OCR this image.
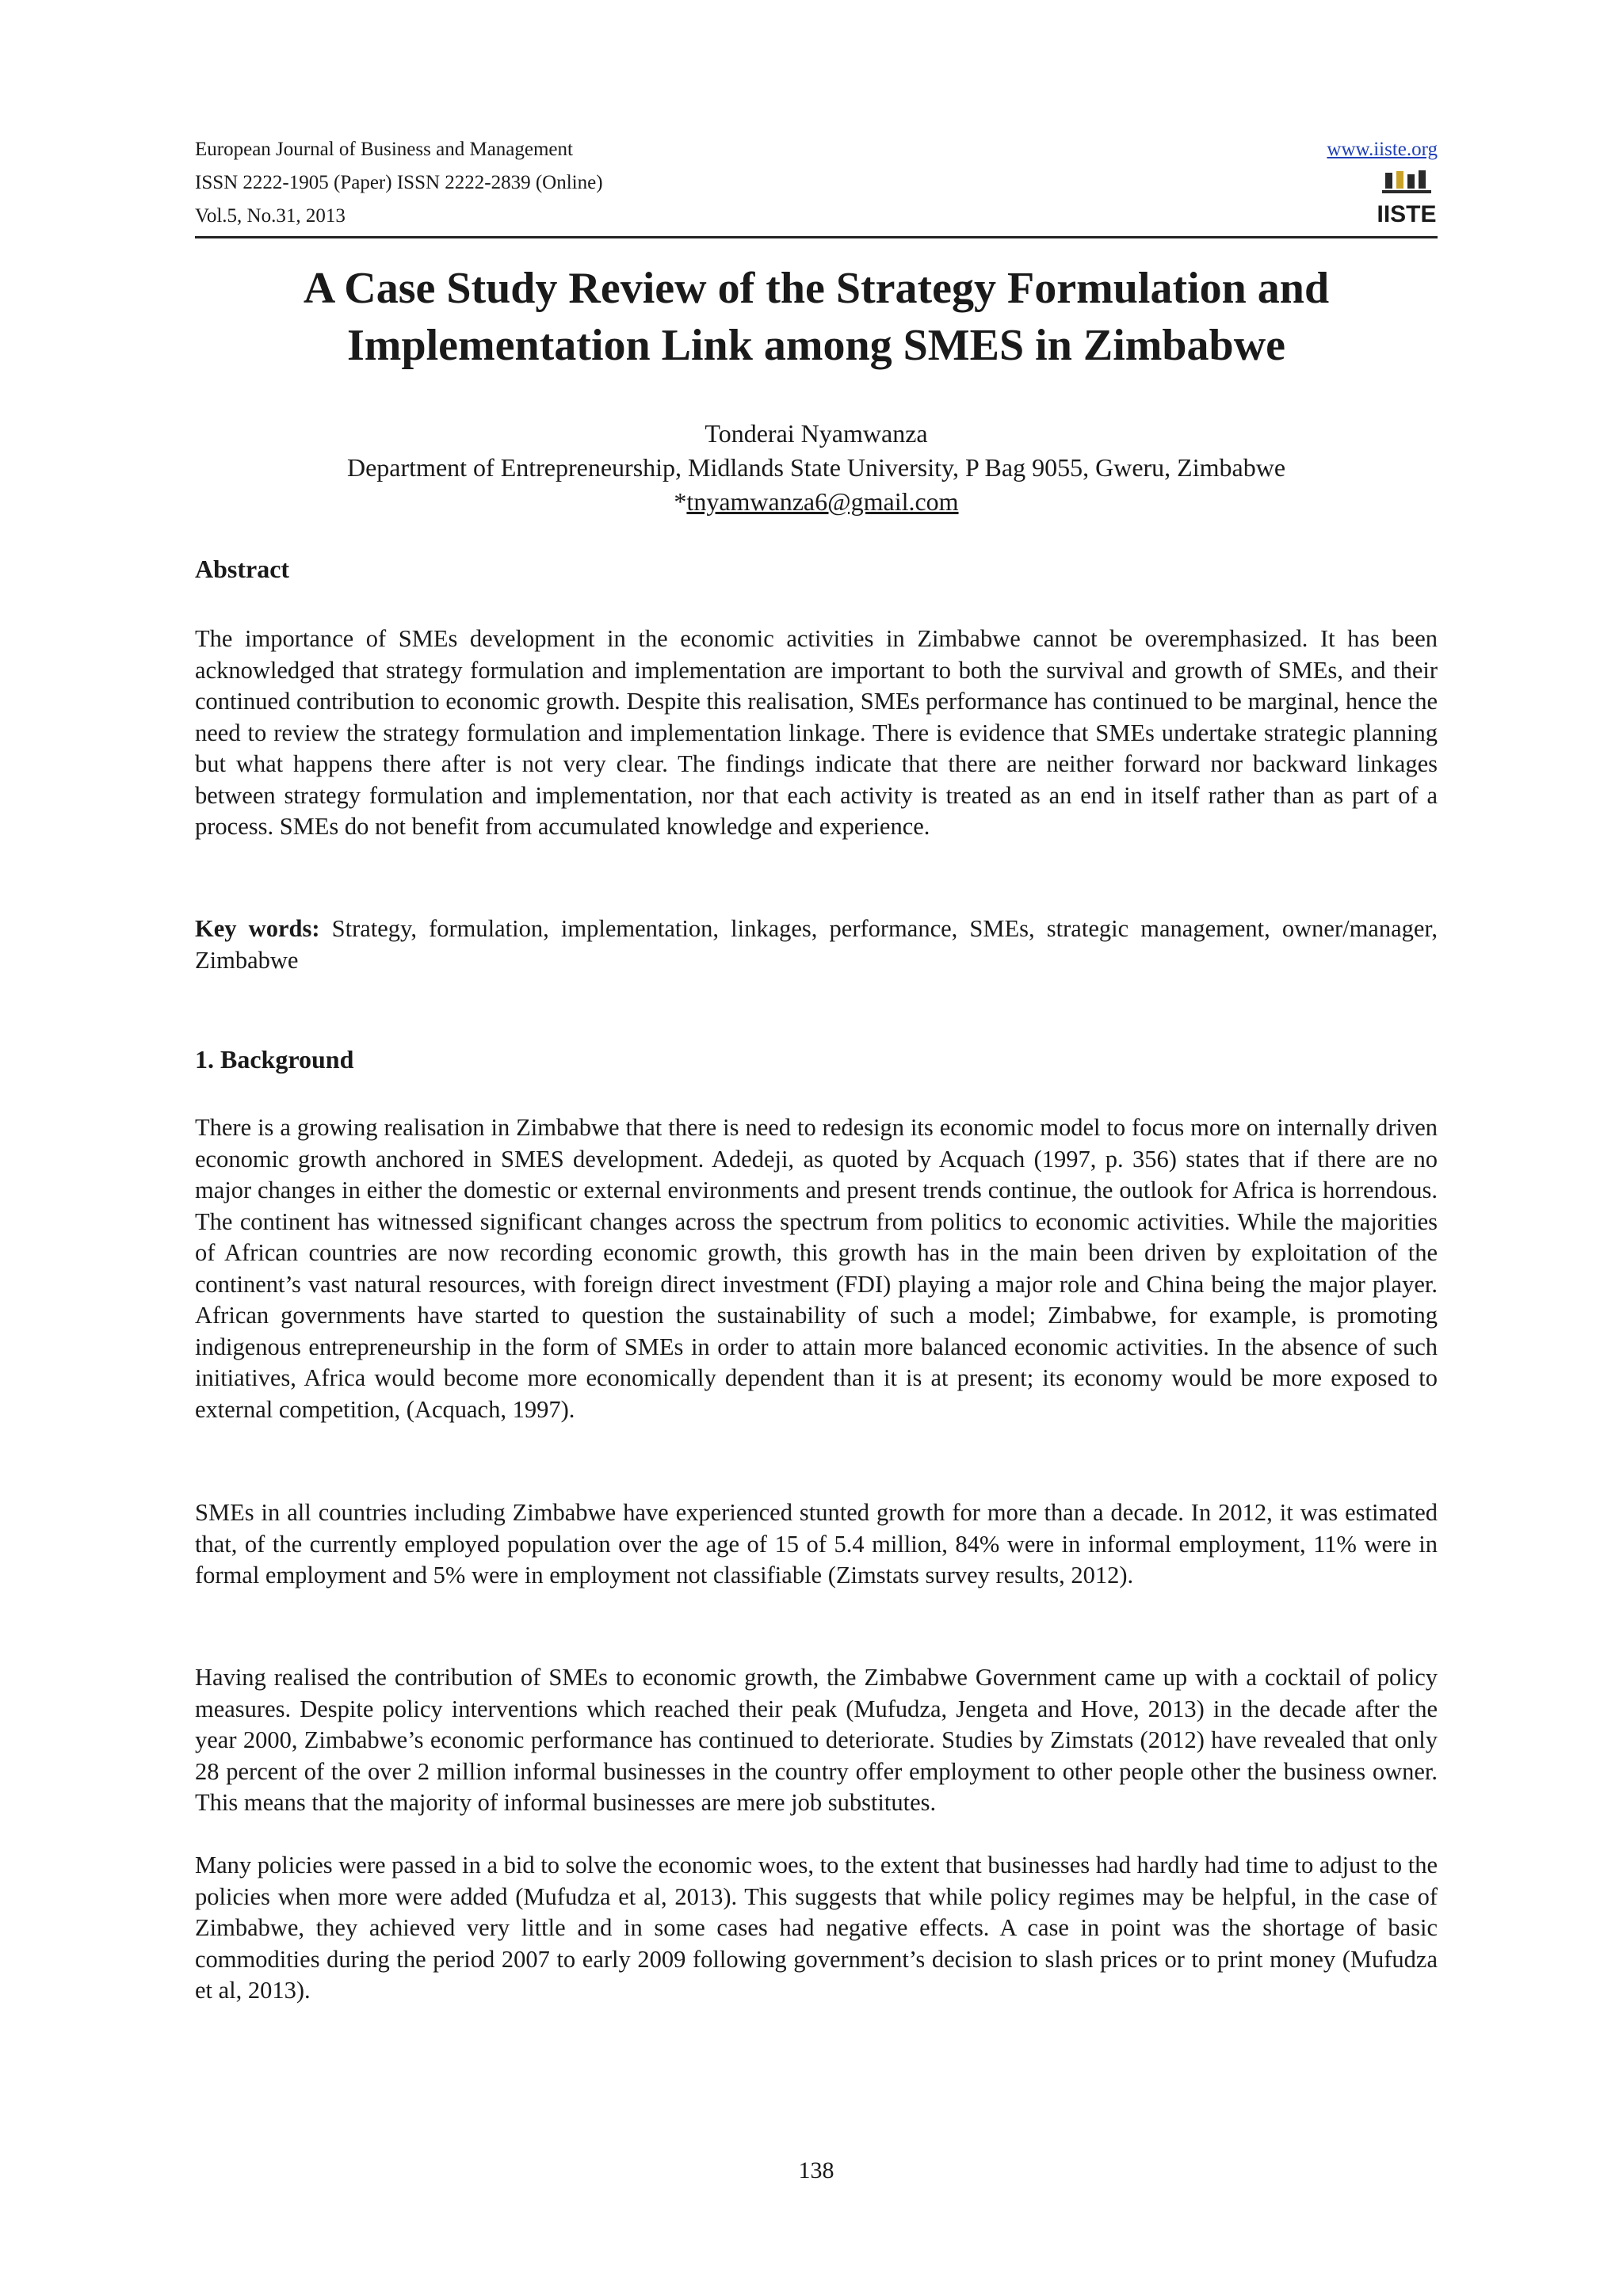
European Journal of Business and Management
ISSN 2222-1905 (Paper) ISSN 2222-2839 (Online)
Vol.5, No.31, 2013
www.iiste.org
IISTE
A Case Study Review of the Strategy Formulation and Implementation Link among SMES in Zimbabwe
Tonderai Nyamwanza
Department of Entrepreneurship, Midlands State University, P Bag 9055, Gweru, Zimbabwe
*tnyamwanza6@gmail.com
Abstract

The importance of SMEs development in the economic activities in Zimbabwe cannot be overemphasized. It has been acknowledged that strategy formulation and implementation are important to both the survival and growth of SMEs, and their continued contribution to economic growth. Despite this realisation, SMEs performance has continued to be marginal, hence the need to review the strategy formulation and implementation linkage. There is evidence that SMEs undertake strategic planning but what happens there after is not very clear. The findings indicate that there are neither forward nor backward linkages between strategy formulation and implementation, nor that each activity is treated as an end in itself rather than as part of a process. SMEs do not benefit from accumulated knowledge and experience.

Key words: Strategy, formulation, implementation, linkages, performance, SMEs, strategic management, owner/manager, Zimbabwe

1. Background

There is a growing realisation in Zimbabwe that there is need to redesign its economic model to focus more on internally driven economic growth anchored in SMES development. Adedeji, as quoted by Acquach (1997, p. 356) states that if there are no major changes in either the domestic or external environments and present trends continue, the outlook for Africa is horrendous. The continent has witnessed significant changes across the spectrum from politics to economic activities. While the majorities of African countries are now recording economic growth, this growth has in the main been driven by exploitation of the continent’s vast natural resources, with foreign direct investment (FDI) playing a major role and China being the major player. African governments have started to question the sustainability of such a model; Zimbabwe, for example, is promoting indigenous entrepreneurship in the form of SMEs in order to attain more balanced economic activities. In the absence of such initiatives, Africa would become more economically dependent than it is at present; its economy would be more exposed to external competition, (Acquach, 1997).

SMEs in all countries including Zimbabwe have experienced stunted growth for more than a decade. In 2012, it was estimated that, of the currently employed population over the age of 15 of 5.4 million, 84% were in informal employment, 11% were in formal employment and 5% were in employment not classifiable (Zimstats survey results, 2012).

Having realised the contribution of SMEs to economic growth, the Zimbabwe Government came up with a cocktail of policy measures. Despite policy interventions which reached their peak (Mufudza, Jengeta and Hove, 2013) in the decade after the year 2000, Zimbabwe’s economic performance has continued to deteriorate. Studies by Zimstats (2012) have revealed that only 28 percent of the over 2 million informal businesses in the country offer employment to other people other the business owner. This means that the majority of informal businesses are mere job substitutes.

Many policies were passed in a bid to solve the economic woes, to the extent that businesses had hardly had time to adjust to the policies when more were added (Mufudza et al, 2013). This suggests that while policy regimes may be helpful, in the case of Zimbabwe, they achieved very little and in some cases had negative effects. A case in point was the shortage of basic commodities during the period 2007 to early 2009 following government’s decision to slash prices or to print money (Mufudza et al, 2013).

138
